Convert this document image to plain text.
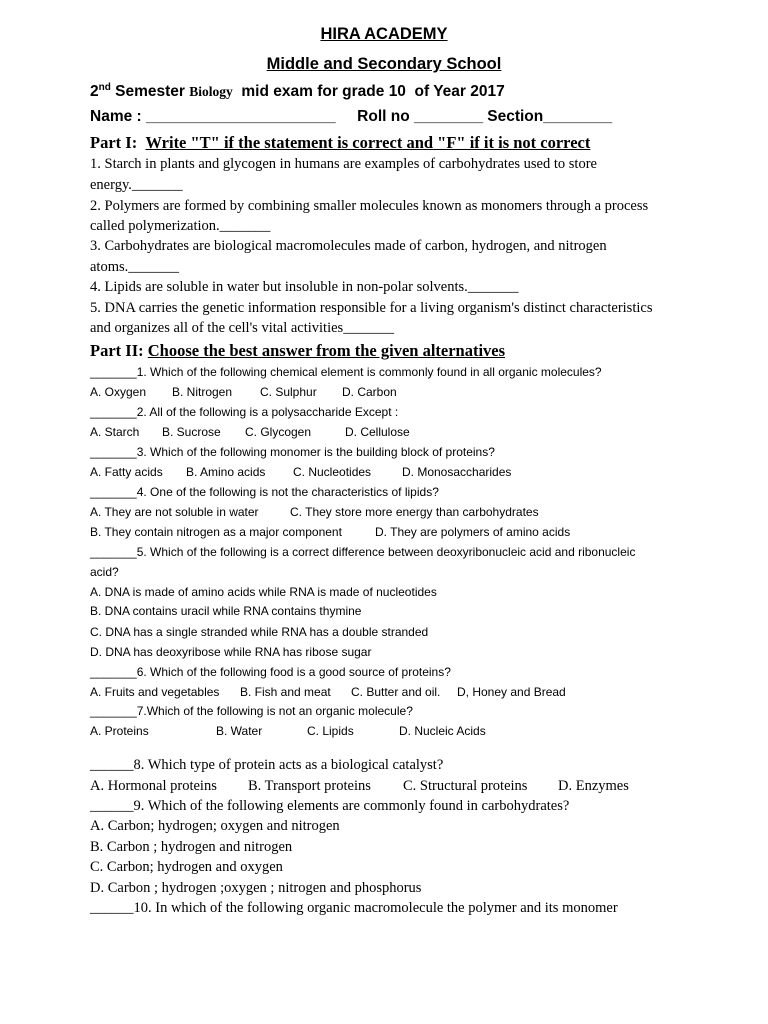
HIRA ACADEMY
Middle and Secondary School
2nd Semester Biology  mid exam for grade 10  of Year 2017
Name : ______________________     Roll no ________ Section________
Part I: Write "T" if the statement is correct and "F" if it is not correct
1. Starch in plants and glycogen in humans are examples of carbohydrates used to store
energy._______
2. Polymers are formed by combining smaller molecules known as monomers through a process
called polymerization._______
3. Carbohydrates are biological macromolecules made of carbon, hydrogen, and nitrogen
atoms._______
4. Lipids are soluble in water but insoluble in non-polar solvents._______
5. DNA carries the genetic information responsible for a living organism's distinct characteristics
and organizes all of the cell's vital activities_______
Part II: Choose the best answer from the given alternatives
_______1. Which of the following chemical element is commonly found in all organic molecules?
A. Oxygen B. Nitrogen C. Sulphur D. Carbon
_______2. All of the following is a polysaccharide Except :
A. Starch B. Sucrose C. Glycogen	D. Cellulose
_______3. Which of the following monomer is the building block of proteins?
A. Fatty acids B. Amino acids C. Nucleotides	D. Monosaccharides
_______4. One of the following is not the characteristics of lipids?
A. They are not soluble in water	C. They store more energy than carbohydrates
B. They contain nitrogen as a major component	D. They are polymers of amino acids
_______5. Which of the following is a correct difference between deoxyribonucleic acid and ribonucleic
acid?
A. DNA is made of amino acids while RNA is made of nucleotides
B. DNA contains uracil while RNA contains thymine
C. DNA has a single stranded while RNA has a double stranded
D. DNA has deoxyribose while RNA has ribose sugar
_______6. Which of the following food is a good source of proteins?
A. Fruits and vegetables B. Fish and meat C. Butter and oil. D, Honey and Bread
_______7.Which of the following is not an organic molecule?
A. Proteins	B. Water	C. Lipids	D. Nucleic Acids
______8. Which type of protein acts as a biological catalyst?
A. Hormonal proteins B. Transport proteins C. Structural proteins D. Enzymes
______9. Which of the following elements are commonly found in carbohydrates?
A. Carbon; hydrogen; oxygen and nitrogen
B. Carbon ; hydrogen and nitrogen
C. Carbon; hydrogen and oxygen
D. Carbon ; hydrogen ;oxygen ; nitrogen and phosphorus
______10. In which of the following organic macromolecule the polymer and its monomer
